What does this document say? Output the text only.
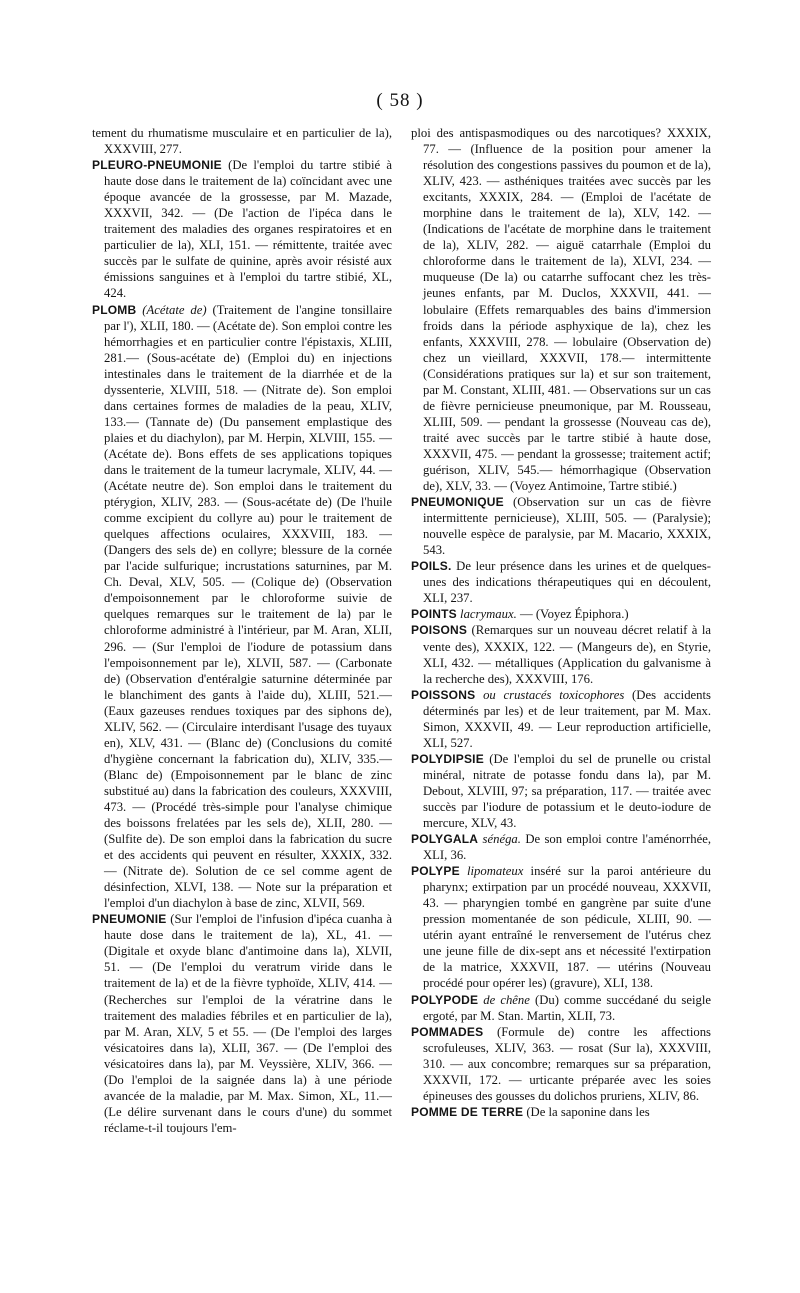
( 58 )

tement du rhumatisme musculaire et en particulier de la), XXXVIII, 277.

PLEURO-PNEUMONIE (De l'emploi du tartre stibié à haute dose dans le traitement de la) coïncidant avec une époque avancée de la grossesse, par M. Mazade, XXXVII, 342. — (De l'action de l'ipéca dans le traitement des maladies des organes respiratoires et en particulier de la), XLI, 151. — rémittente, traitée avec succès par le sulfate de quinine, après avoir résisté aux émissions sanguines et à l'emploi du tartre stibié, XL, 424.

PLOMB (Acétate de) (Traitement de l'angine tonsillaire par l'), XLII, 180. — (Acétate de). Son emploi contre les hémorrhagies et en particulier contre l'épistaxis, XLIII, 281.— (Sous-acétate de) (Emploi du) en injections intestinales dans le traitement de la diarrhée et de la dyssenterie, XLVIII, 518. — (Nitrate de). Son emploi dans certaines formes de maladies de la peau, XLIV, 133.— (Tannate de) (Du pansement emplastique des plaies et du diachylon), par M. Herpin, XLVIII, 155. — (Acétate de). Bons effets de ses applications topiques dans le traitement de la tumeur lacrymale, XLIV, 44. — (Acétate neutre de). Son emploi dans le traitement du ptérygion, XLIV, 283. — (Sous-acétate de) (De l'huile comme excipient du collyre au) pour le traitement de quelques affections oculaires, XXXVIII, 183. — (Dangers des sels de) en collyre; blessure de la cornée par l'acide sulfurique; incrustations saturnines, par M. Ch. Deval, XLV, 505. — (Colique de) (Observation d'empoisonnement par le chloroforme suivie de quelques remarques sur le traitement de la) par le chloroforme administré à l'intérieur, par M. Aran, XLII, 296. — (Sur l'emploi de l'iodure de potassium dans l'empoisonnement par le), XLVII, 587. — (Carbonate de) (Observation d'entéralgie saturnine déterminée par le blanchiment des gants à l'aide du), XLIII, 521.—(Eaux gazeuses rendues toxiques par des siphons de), XLIV, 562. — (Circulaire interdisant l'usage des tuyaux en), XLV, 431. — (Blanc de) (Conclusions du comité d'hygiène concernant la fabrication du), XLIV, 335.—(Blanc de) (Empoisonnement par le blanc de zinc substitué au) dans la fabrication des couleurs, XXXVIII, 473. — (Procédé très-simple pour l'analyse chimique des boissons frelatées par les sels de), XLII, 280. — (Sulfite de). De son emploi dans la fabrication du sucre et des accidents qui peuvent en résulter, XXXIX, 332. — (Nitrate de). Solution de ce sel comme agent de désinfection, XLVI, 138. — Note sur la préparation et l'emploi d'un diachylon à base de zinc, XLVII, 569.

PNEUMONIE (Sur l'emploi de l'infusion d'ipéca cuanha à haute dose dans le traitement de la), XL, 41. — (Digitale et oxyde blanc d'antimoine dans la), XLVII, 51. — (De l'emploi du veratrum viride dans le traitement de la) et de la fièvre typhoïde, XLIV, 414. — (Recherches sur l'emploi de la vératrine dans le traitement des maladies fébriles et en particulier de la), par M. Aran, XLV, 5 et 55. — (De l'emploi des larges vésicatoires dans la), XLII, 367. — (De l'emploi des vésicatoires dans la), par M. Veyssière, XLIV, 366. — (Do l'emploi de la saignée dans la) à une période avancée de la maladie, par M. Max. Simon, XL, 11.— (Le délire survenant dans le cours d'une) du sommet réclame-t-il toujours l'em-

ploi des antispasmodiques ou des narcotiques? XXXIX, 77. — (Influence de la position pour amener la résolution des congestions passives du poumon et de la), XLIV, 423. — asthéniques traitées avec succès par les excitants, XXXIX, 284. — (Emploi de l'acétate de morphine dans le traitement de la), XLV, 142. — (Indications de l'acétate de morphine dans le traitement de la), XLIV, 282. — aiguë catarrhale (Emploi du chloroforme dans le traitement de la), XLVI, 234. — muqueuse (De la) ou catarrhe suffocant chez les très-jeunes enfants, par M. Duclos, XXXVII, 441. — lobulaire (Effets remarquables des bains d'immersion froids dans la période asphyxique de la), chez les enfants, XXXVIII, 278. — lobulaire (Observation de) chez un vieillard, XXXVII, 178.— intermittente (Considérations pratiques sur la) et sur son traitement, par M. Constant, XLIII, 481. — Observations sur un cas de fièvre pernicieuse pneumonique, par M. Rousseau, XLIII, 509. — pendant la grossesse (Nouveau cas de), traité avec succès par le tartre stibié à haute dose, XXXVII, 475. — pendant la grossesse; traitement actif; guérison, XLIV, 545.— hémorrhagique (Observation de), XLV, 33. — (Voyez Antimoine, Tartre stibié.)

PNEUMONIQUE (Observation sur un cas de fièvre intermittente pernicieuse), XLIII, 505. — (Paralysie); nouvelle espèce de paralysie, par M. Macario, XXXIX, 543.

POILS. De leur présence dans les urines et de quelques-unes des indications thérapeutiques qui en découlent, XLI, 237.

POINTS lacrymaux. — (Voyez Épiphora.)

POISONS (Remarques sur un nouveau décret relatif à la vente des), XXXIX, 122. — (Mangeurs de), en Styrie, XLI, 432. — métalliques (Application du galvanisme à la recherche des), XXXVIII, 176.

POISSONS ou crustacés toxicophores (Des accidents déterminés par les) et de leur traitement, par M. Max. Simon, XXXVII, 49. — Leur reproduction artificielle, XLI, 527.

POLYDIPSIE (De l'emploi du sel de prunelle ou cristal minéral, nitrate de potasse fondu dans la), par M. Debout, XLVIII, 97; sa préparation, 117. — traitée avec succès par l'iodure de potassium et le deuto-iodure de mercure, XLV, 43.

POLYGALA sénéga. De son emploi contre l'aménorrhée, XLI, 36.

POLYPE lipomateux inséré sur la paroi antérieure du pharynx; extirpation par un procédé nouveau, XXXVII, 43. — pharyngien tombé en gangrène par suite d'une pression momentanée de son pédicule, XLIII, 90. — utérin ayant entraîné le renversement de l'utérus chez une jeune fille de dix-sept ans et nécessité l'extirpation de la matrice, XXXVII, 187. — utérins (Nouveau procédé pour opérer les) (gravure), XLI, 138.

POLYPODE de chêne (Du) comme succédané du seigle ergoté, par M. Stan. Martin, XLII, 73.

POMMADES (Formule de) contre les affections scrofuleuses, XLIV, 363. — rosat (Sur la), XXXVIII, 310. — aux concombre; remarques sur sa préparation, XXXVII, 172. — urticante préparée avec les soies épineuses des gousses du dolichos pruriens, XLIV, 86.

POMME DE TERRE (De la saponine dans les
